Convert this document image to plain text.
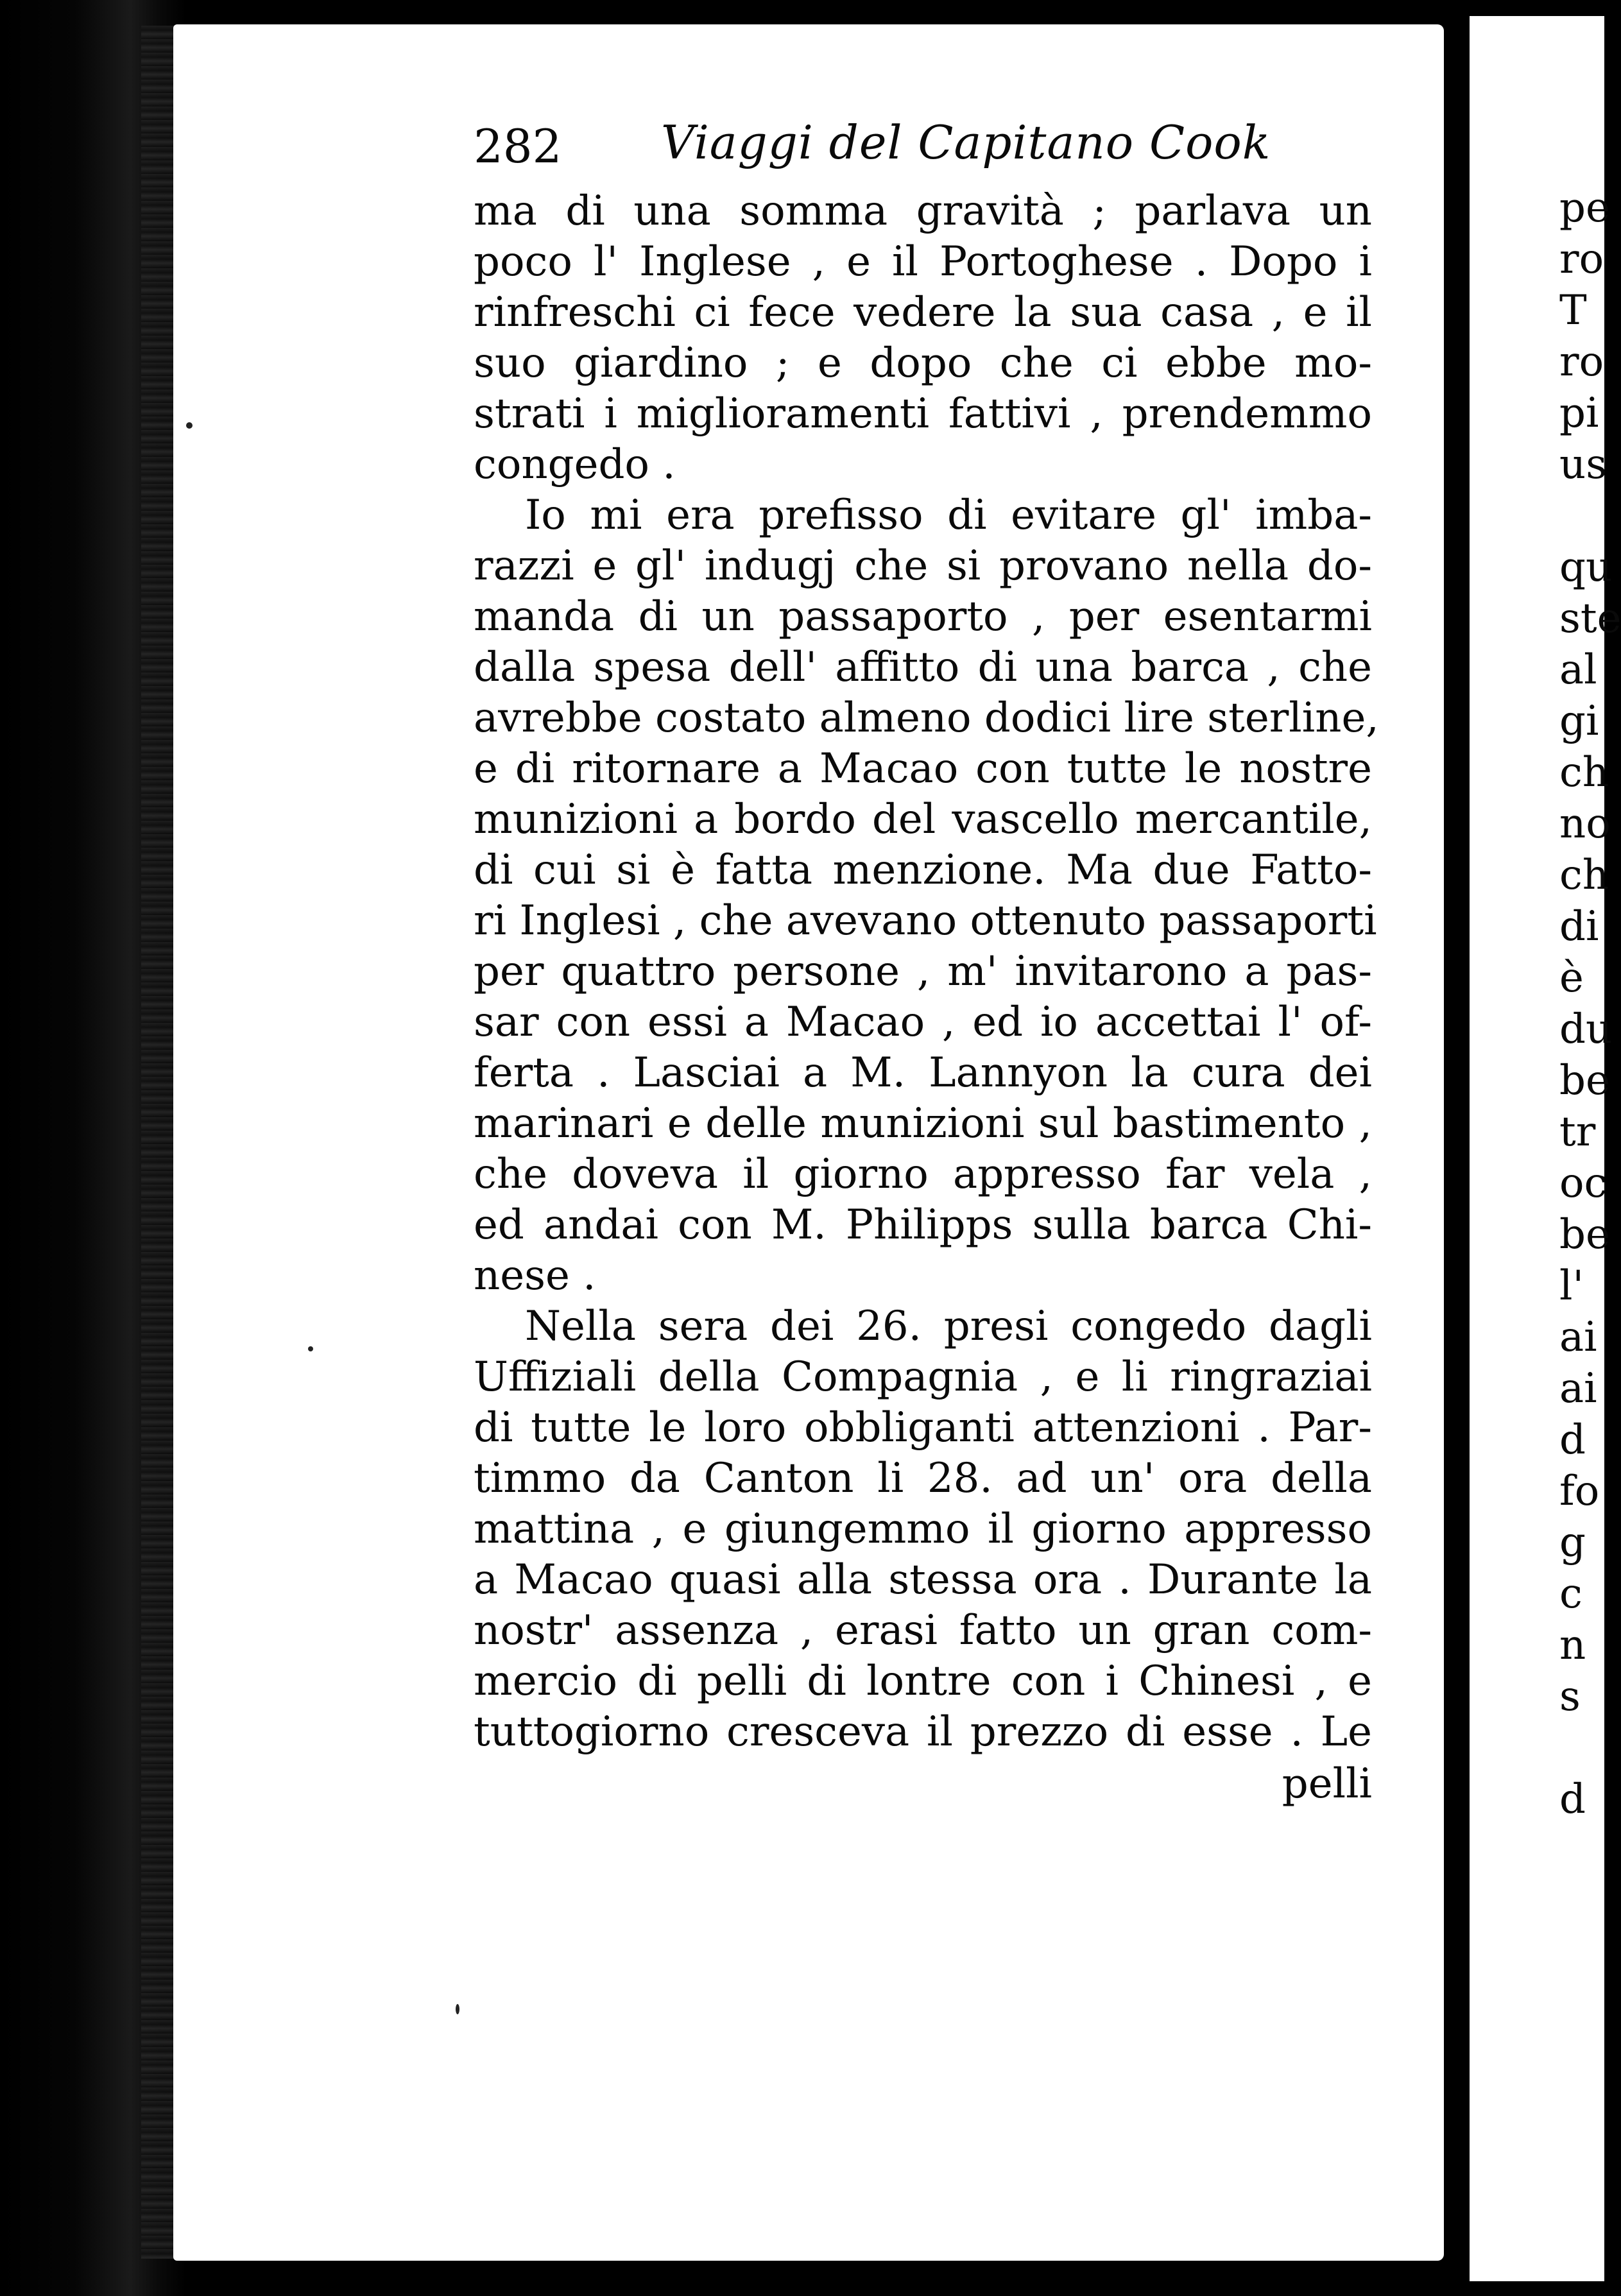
pe
ro
T
ro
pi
us
qu
ste
al
gi
ch
no
ch
di
è
du
be
tr
oc
be
l'
ai
ai
d
fo
g
c
n
s
d
282 Viaggi del Capitano Cook
ma di una somma gravità ; parlava un
poco l' Inglese , e il Portoghese . Dopo i
rinfreschi ci fece vedere la sua casa , e il
suo giardino ; e dopo che ci ebbe mo-
strati i miglioramenti fattivi , prendemmo
congedo .
Io mi era prefisso di evitare gl' imba-
razzi e gl' indugj che si provano nella do-
manda di un passaporto , per esentarmi
dalla spesa dell' affitto di una barca , che
avrebbe costato almeno dodici lire sterline,
e di ritornare a Macao con tutte le nostre
munizioni a bordo del vascello mercantile,
di cui si è fatta menzione. Ma due Fatto-
ri Inglesi , che avevano ottenuto passaporti
per quattro persone , m' invitarono a pas-
sar con essi a Macao , ed io accettai l' of-
ferta . Lasciai a M. Lannyon la cura dei
marinari e delle munizioni sul bastimento ,
che doveva il giorno appresso far vela ,
ed andai con M. Philipps sulla barca Chi-
nese .
Nella sera dei 26. presi congedo dagli
Uffiziali della Compagnia , e li ringraziai
di tutte le loro obbliganti attenzioni . Par-
timmo da Canton li 28. ad un' ora della
mattina , e giungemmo il giorno appresso
a Macao quasi alla stessa ora . Durante la
nostr' assenza , erasi fatto un gran com-
mercio di pelli di lontre con i Chinesi , e
tuttogiorno cresceva il prezzo di esse . Le
pelli
